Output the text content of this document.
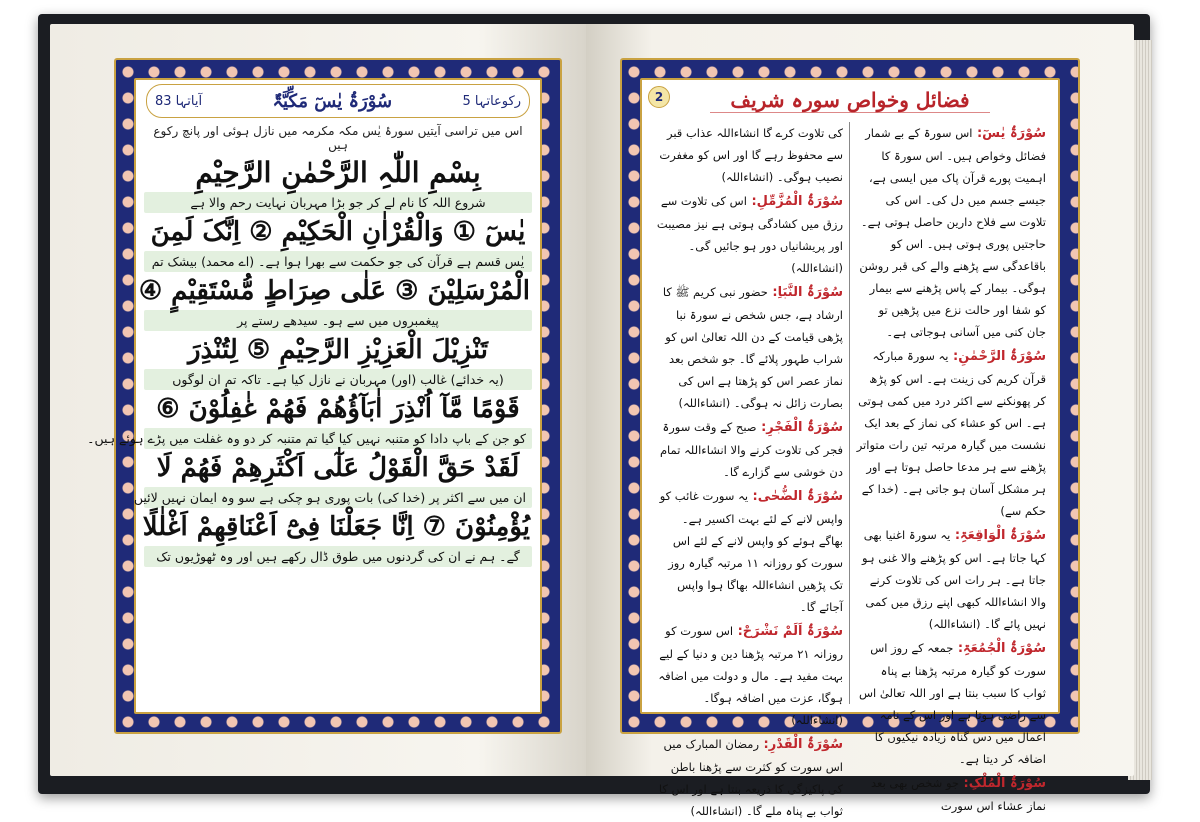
آیاتہا 83	سُوْرَۃُ یٰسٓ مَکِّیَّۃٌ	رکوعاتہا 5
اس میں تراسی آیتیں سورۂ یٰس مکہ مکرمہ میں نازل ہوئی اور پانچ رکوع ہیں
بِسْمِ اللّٰہِ الرَّحْمٰنِ الرَّحِیْمِ
شروع اللہ کا نام لے کر جو بڑا مہربان نہایت رحم والا ہے
یٰسٓ ① وَالْقُرْاٰنِ الْحَکِیْمِ ② اِنَّکَ لَمِنَ
یٰس قسم ہے قرآن کی جو حکمت سے بھرا ہوا ہے۔ (اے محمد) بیشک تم
الْمُرْسَلِیْنَ ③ عَلٰی صِرَاطٍ مُّسْتَقِیْمٍ ④
پیغمبروں میں سے ہو۔ سیدھے رستے پر
تَنْزِیْلَ الْعَزِیْزِ الرَّحِیْمِ ⑤ لِتُنْذِرَ
(یہ خدائے) غالب (اور) مہربان نے نازل کیا ہے۔ تاکہ تم ان لوگوں
قَوْمًا مَّآ اُنْذِرَ اٰبَآؤُھُمْ فَھُمْ غٰفِلُوْنَ ⑥
کو جن کے باپ دادا کو متنبہ نہیں کیا گیا تم متنبہ کر دو وہ غفلت میں پڑے ہوئے ہیں۔
لَقَدْ حَقَّ الْقَوْلُ عَلٰٓی اَکْثَرِھِمْ فَھُمْ لَا
ان میں سے اکثر پر (خدا کی) بات پوری ہو چکی ہے سو وہ ایمان نہیں لائیں
یُؤْمِنُوْنَ ⑦ اِنَّا جَعَلْنَا فِیْٓ اَعْنَاقِھِمْ اَغْلٰلًا
گے۔ ہم نے ان کی گردنوں میں طوق ڈال رکھے ہیں اور وہ ٹھوڑیوں تک
2	فضائل وخواص سورہ شریف
سُوْرَۃُ یٰسٓ: اس سورۃ کے بے شمار فضائل وخواص ہیں۔ اس سورۃ کا اہمیت پورے قرآن پاک میں ایسی ہے، جیسے جسم میں دل کی۔ اس کی تلاوت سے فلاح دارین حاصل ہوتی ہے۔ حاجتیں پوری ہوتی ہیں۔ اس کو باقاعدگی سے پڑھنے والے کی قبر روشن ہوگی۔ بیمار کے پاس پڑھنے سے بیمار کو شفا اور حالت نزع میں پڑھیں تو جان کنی میں آسانی ہوجاتی ہے۔
سُوْرَۃُ الرَّحْمٰنِ: یہ سورۃ مبارکہ قرآن کریم کی زینت ہے۔ اس کو پڑھ کر پھونکنے سے اکثر درد میں کمی ہوتی ہے۔ اس کو عشاء کی نماز کے بعد ایک نشست میں گیارہ مرتبہ تین رات متواتر پڑھنے سے ہر مدعا حاصل ہوتا ہے اور ہر مشکل آسان ہو جاتی ہے۔ (خدا کے حکم سے)
سُوْرَۃُ الْوَاقِعَۃِ: یہ سورۃ اغنیا بھی کہا جاتا ہے۔ اس کو پڑھنے والا غنی ہو جاتا ہے۔ ہر رات اس کی تلاوت کرنے والا انشاءاللہ کبھی اپنے رزق میں کمی نہیں پائے گا۔ (انشاءاللہ)
سُوْرَۃُ الْجُمُعَۃِ: جمعہ کے روز اس سورت کو گیارہ مرتبہ پڑھنا بے پناہ ثواب کا سبب بنتا ہے اور اللہ تعالیٰ اس سے راضی ہوتا ہے اور اس کے نامہ اعمال میں دس گناہ زیادہ نیکیوں کا اضافہ کر دیتا ہے۔
سُوْرَۃُ الْمُلْکِ: جو شخص بھی بعد نماز عشاء اس سورت
کی تلاوت کرے گا انشاءاللہ عذاب قبر سے محفوظ رہے گا اور اس کو مغفرت نصیب ہوگی۔ (انشاءاللہ)
سُوْرَۃُ الْمُزَّمِّلِ: اس کی تلاوت سے رزق میں کشادگی ہوتی ہے نیز مصیبت اور پریشانیاں دور ہو جائیں گی۔ (انشاءاللہ)
سُوْرَۃُ النَّبَاِ: حضور نبی کریم ﷺ کا ارشاد ہے، جس شخص نے سورۃ نبا پڑھی قیامت کے دن اللہ تعالیٰ اس کو شراب طہور پلائے گا۔ جو شخص بعد نماز عصر اس کو پڑھتا ہے اس کی بصارت زائل نہ ہوگی۔ (انشاءاللہ)
سُوْرَۃُ الْفَجْرِ: صبح کے وقت سورۃ فجر کی تلاوت کرنے والا انشاءاللہ تمام دن خوشی سے گزارے گا۔
سُوْرَۃُ الضُّحٰی: یہ سورت غائب کو واپس لانے کے لئے بہت اکسیر ہے۔ بھاگے ہوئے کو واپس لانے کے لئے اس سورت کو روزانہ ۱۱ مرتبہ گیارہ روز تک پڑھیں انشاءاللہ بھاگا ہوا واپس آجائے گا۔
سُوْرَۃُ اَلَمْ نَشْرَحْ: اس سورت کو روزانہ ۲۱ مرتبہ پڑھنا دین و دنیا کے لیے بہت مفید ہے۔ مال و دولت میں اضافہ ہوگا، عزت میں اضافہ ہوگا۔ (انشاءاللہ)
سُوْرَۃُ الْقَدْرِ: رمضان المبارک میں اس سورت کو کثرت سے پڑھنا باطن کی پاکیزگی کا ذریعہ بنتا ہے اور اس کا ثواب بے پناہ ملے گا۔ (انشاءاللہ)
